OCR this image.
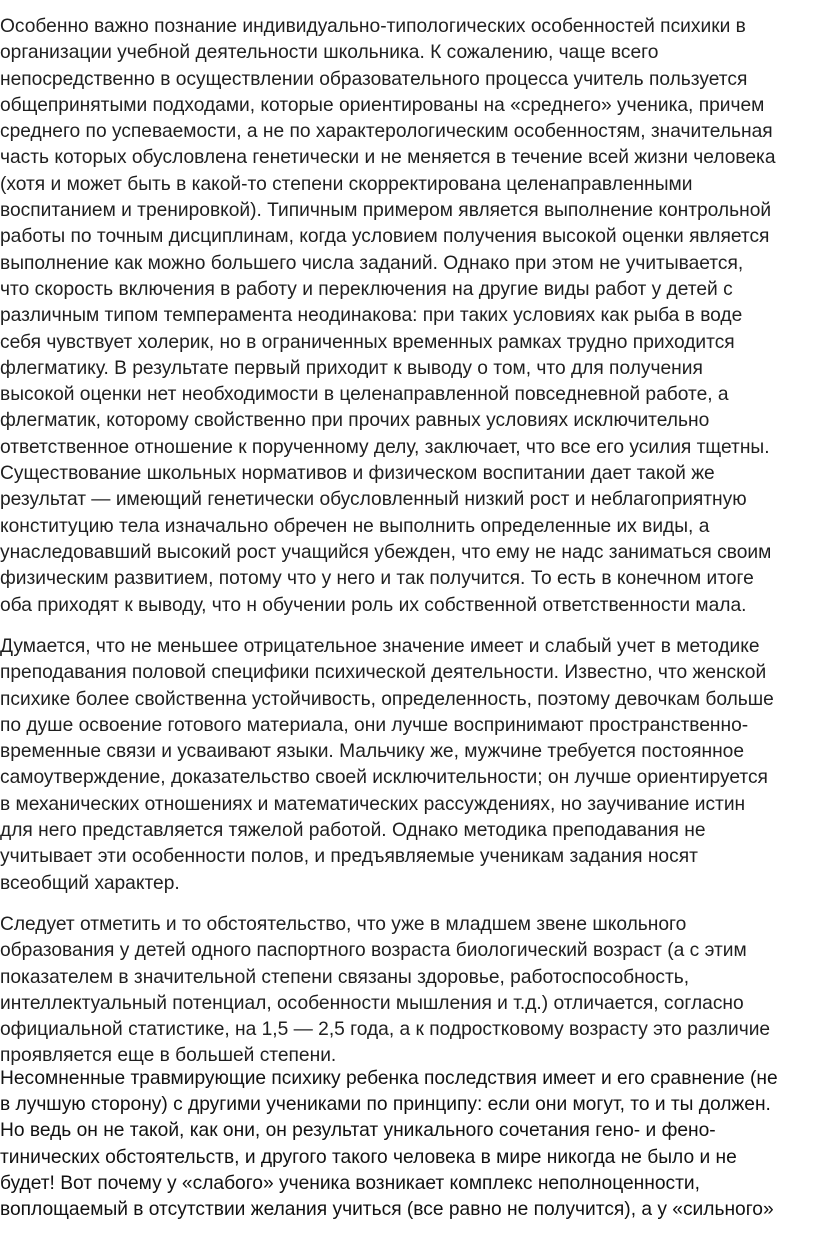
Особенно важно познание индивидуально-типологических особенностей психики в
организации учебной деятельности школьника. К сожалению, чаще всего
непосредственно в осуществлении образовательного процесса учитель пользуется
общепринятыми подходами, которые ориентированы на «среднего» ученика, причем
среднего по успеваемости, а не по характерологическим особенностям, значительная
часть которых обусловлена генетически и не меняется в течение всей жизни человека
(хотя и может быть в какой-то степени скорректирована целенаправленными
воспитанием и тренировкой). Типичным примером является выполнение контрольной
работы по точным дисциплинам, когда условием получения высокой оценки является
выполнение как можно большего числа заданий. Однако при этом не учитывается,
что скорость включения в работу и переключения на другие виды работ у детей с
различным типом темперамента неодинакова: при таких условиях как рыба в воде
себя чувствует холерик, но в ограниченных временных рамках трудно приходится
флегматику. В результате первый приходит к выводу о том, что для получения
высокой оценки нет необходимости в целенаправленной повседневной работе, а
флегматик, которому свойственно при прочих равных условиях исключительно
ответственное отношение к порученному делу, заключает, что все его усилия тщетны.
Существование школьных нормативов и физическом воспитании дает такой же
результат — имеющий генетически обусловленный низкий рост и неблагоприятную
конституцию тела изначально обречен не выполнить определенные их виды, а
унаследовавший высокий рост учащийся убежден, что ему не надс заниматься своим
физическим развитием, потому что у него и так получится. То есть в конечном итоге
оба приходят к выводу, что н обучении роль их собственной ответственности мала.

Думается, что не меньшее отрицательное значение имеет и слабый учет в методике
преподавания половой специфики психической деятельности. Известно, что женской
психике более свойственна устойчивость, определенность, поэтому девочкам больше
по душе освоение готового материала, они лучше воспринимают пространственно-
временные связи и усваивают языки. Мальчику же, мужчине требуется постоянное
самоутверждение, доказательство своей исключительности; он лучше ориентируется
в механических отношениях и математических рассуждениях, но заучивание истин
для него представляется тяжелой работой. Однако методика преподавания не
учитывает эти особенности полов, и предъявляемые ученикам задания носят
всеобщий характер.

Следует отметить и то обстоятельство, что уже в младшем звене школьного
образования у детей одного паспортного возраста биологический возраст (а с этим
показателем в значительной степени связаны здоровье, работоспособность,
интеллектуальный потенциал, особенности мышления и т.д.) отличается, согласно
официальной статистике, на 1,5 — 2,5 года, а к подростковому возрасту это различие
проявляется еще в большей степени.

Несомненные травмирующие психику ребенка последствия имеет и его сравнение (не
в лучшую сторону) с другими учениками по принципу: если они могут, то и ты должен.
Но ведь он не такой, как они, он результат уникального сочетания гено- и фено-
тинических обстоятельств, и другого такого человека в мире никогда не было и не
будет! Вот почему у «слабого» ученика возникает комплекс неполноценности,
воплощаемый в отсутствии желания учиться (все равно не получится), а у «сильного»
